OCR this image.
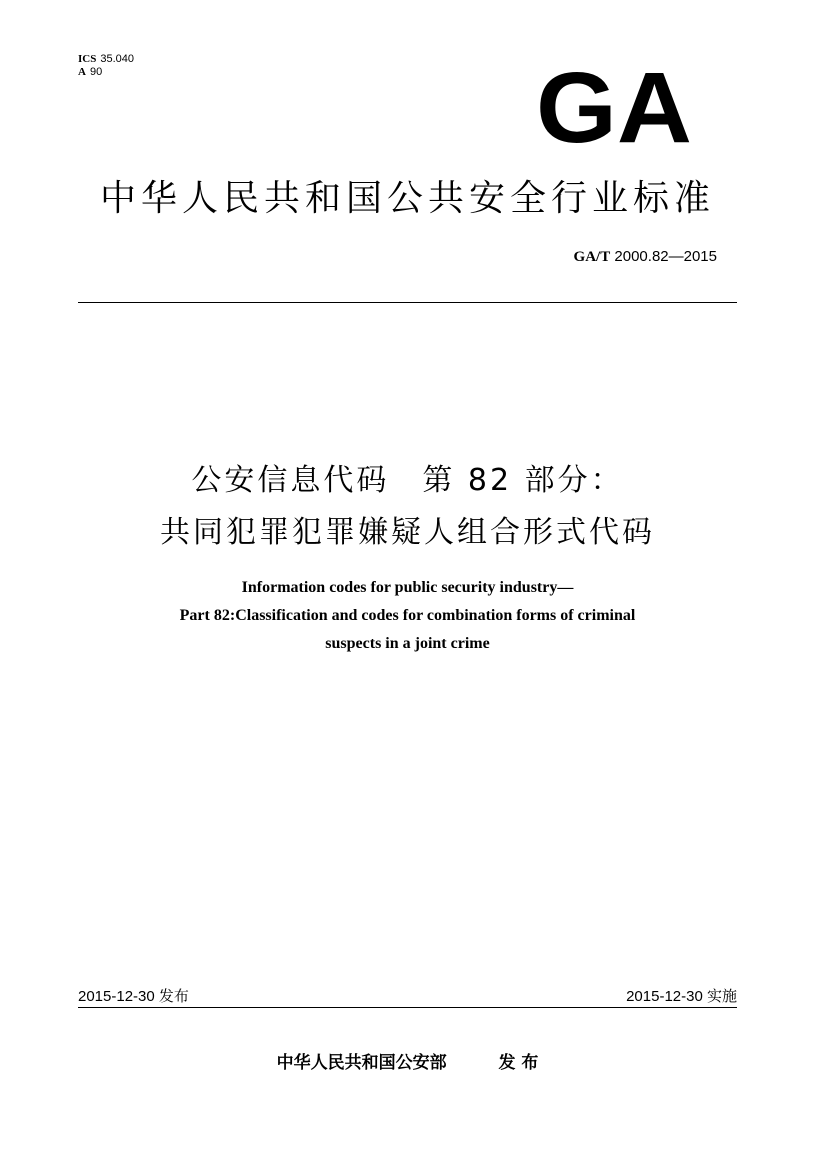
ICS 35.040
A 90	GA
中华人民共和国公共安全行业标准
GA/T 2000.82—2015
公安信息代码　第 82 部分：
共同犯罪犯罪嫌疑人组合形式代码
Information codes for public security industry—
Part 82:Classification and codes for combination forms of criminal
suspects in a joint crime
2015-12-30 发布	2015-12-30 实施
中华人民共和国公安部	发 布
